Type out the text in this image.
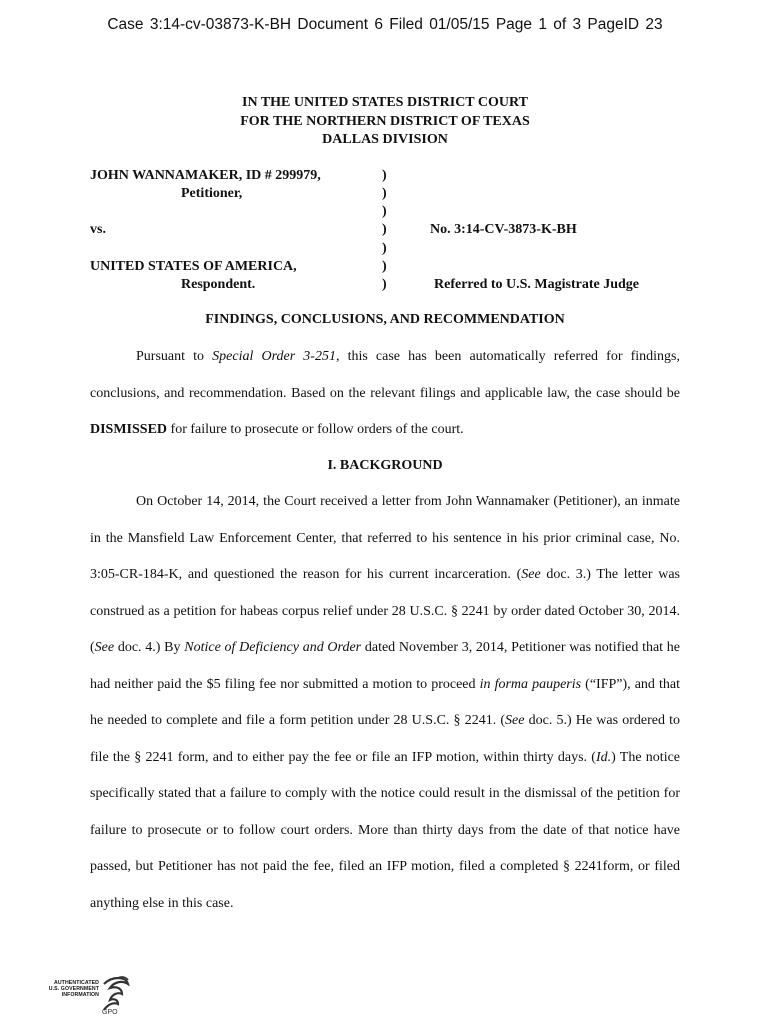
Case 3:14-cv-03873-K-BH Document 6 Filed 01/05/15 Page 1 of 3 PageID 23
IN THE UNITED STATES DISTRICT COURT
FOR THE NORTHERN DISTRICT OF TEXAS
DALLAS DIVISION
JOHN WANNAMAKER, ID # 299979,
Petitioner,
vs.
UNITED STATES OF AMERICA,
Respondent.
)
)
)
)
)
)
)
No. 3:14-CV-3873-K-BH
Referred to U.S. Magistrate Judge
FINDINGS, CONCLUSIONS, AND RECOMMENDATION

Pursuant to Special Order 3-251, this case has been automatically referred for findings, conclusions, and recommendation. Based on the relevant filings and applicable law, the case should be DISMISSED for failure to prosecute or follow orders of the court.

I. BACKGROUND

On October 14, 2014, the Court received a letter from John Wannamaker (Petitioner), an inmate in the Mansfield Law Enforcement Center, that referred to his sentence in his prior criminal case, No. 3:05-CR-184-K, and questioned the reason for his current incarceration. (See doc. 3.) The letter was construed as a petition for habeas corpus relief under 28 U.S.C. § 2241 by order dated October 30, 2014. (See doc. 4.) By Notice of Deficiency and Order dated November 3, 2014, Petitioner was notified that he had neither paid the $5 filing fee nor submitted a motion to proceed in forma pauperis (“IFP”), and that he needed to complete and file a form petition under 28 U.S.C. § 2241. (See doc. 5.) He was ordered to file the § 2241 form, and to either pay the fee or file an IFP motion, within thirty days. (Id.) The notice specifically stated that a failure to comply with the notice could result in the dismissal of the petition for failure to prosecute or to follow court orders. More than thirty days from the date of that notice have passed, but Petitioner has not paid the fee, filed an IFP motion, filed a completed § 2241form, or filed anything else in this case.

AUTHENTICATED
U.S. GOVERNMENT
INFORMATION
GPO
